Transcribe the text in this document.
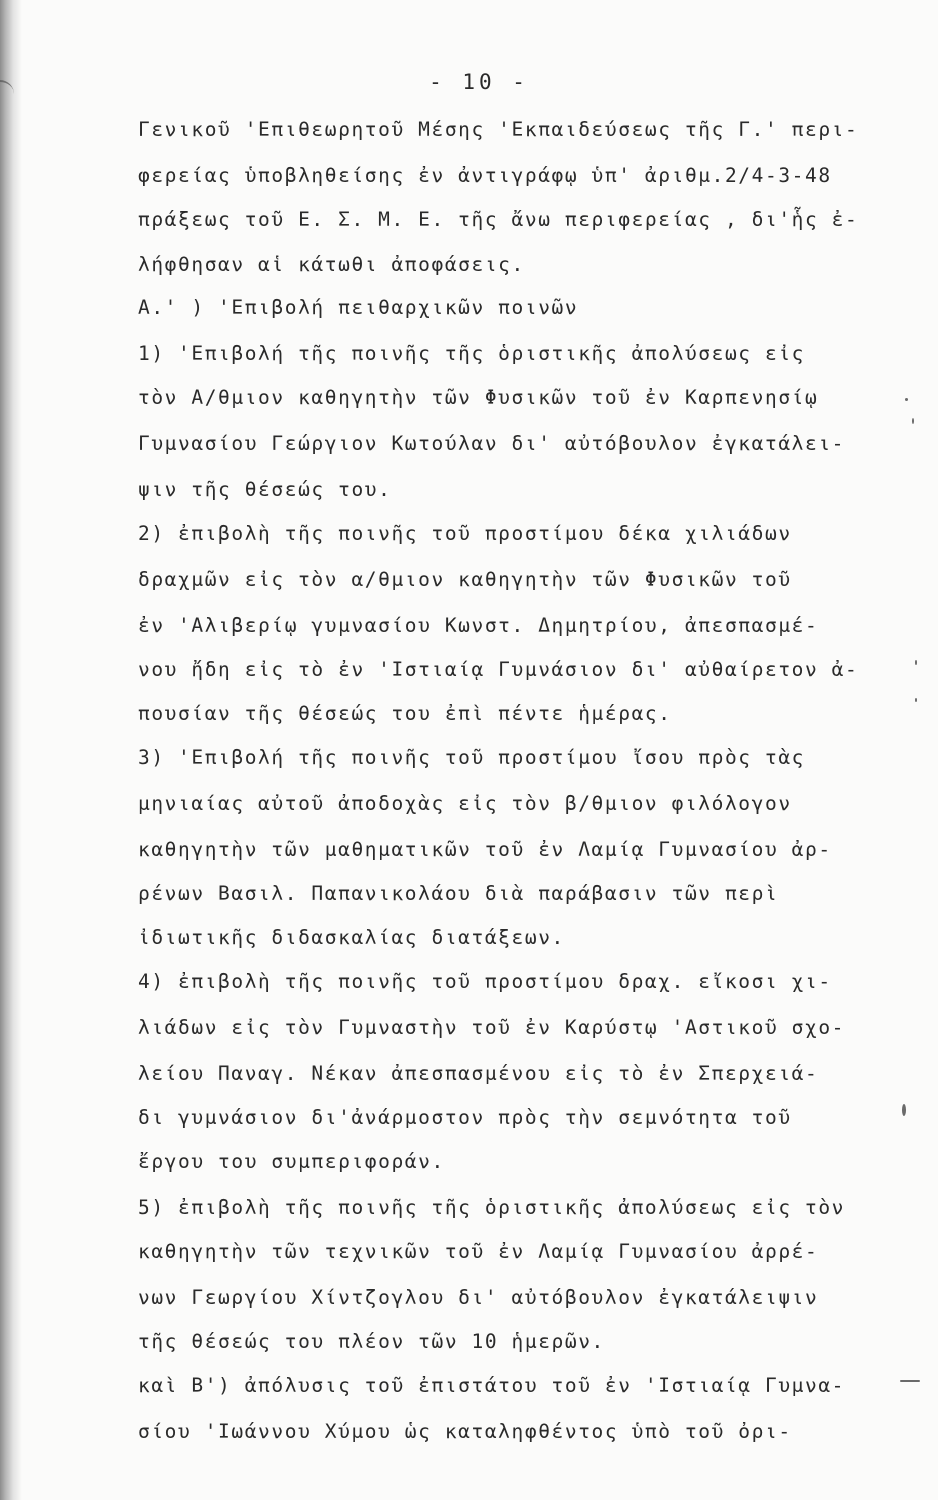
- 10 -
Γενικοῦ 'Επιθεωρητοῦ Μέσης 'Εκπαιδεύσεως τῆς Γ.' περι-
φερείας ὑποβληθείσης ἐν ἀντιγράφῳ ὑπ' ἀριθμ.2/4-3-48
πράξεως τοῦ Ε. Σ. Μ. Ε. τῆς ἄνω περιφερείας , δι'ἧς ἐ-
λήφθησαν αἱ κάτωθι ἀποφάσεις.
Α.' ) 'Επιβολή πειθαρχικῶν ποινῶν
1) 'Επιβολή τῆς ποινῆς τῆς ὁριστικῆς ἀπολύσεως εἰς
τὸν Α/θμιον καθηγητὴν τῶν Φυσικῶν τοῦ ἐν Καρπενησίῳ
Γυμνασίου Γεώργιον Κωτούλαν δι' αὐτόβουλον ἐγκατάλει-
ψιν τῆς θέσεώς του.
2) ἐπιβολὴ τῆς ποινῆς τοῦ προστίμου δέκα χιλιάδων
δραχμῶν εἰς τὸν α/θμιον καθηγητὴν τῶν Φυσικῶν τοῦ
ἐν 'Αλιβερίῳ γυμνασίου Κωνστ. Δημητρίου, ἀπεσπασμέ-
νου ἤδη εἰς τὸ ἐν 'Ιστιαίᾳ Γυμνάσιον δι' αὐθαίρετον ἀ-
πουσίαν τῆς θέσεώς του ἐπὶ πέντε ἡμέρας.
3) 'Επιβολή τῆς ποινῆς τοῦ προστίμου ἴσου πρὸς τὰς
μηνιαίας αὐτοῦ ἀποδοχὰς εἰς τὸν β/θμιον φιλόλογον
καθηγητὴν τῶν μαθηματικῶν τοῦ ἐν Λαμίᾳ Γυμνασίου ἀρ-
ρένων Βασιλ. Παπανικολάου διὰ παράβασιν τῶν περὶ
ἰδιωτικῆς διδασκαλίας διατάξεων.
4) ἐπιβολὴ τῆς ποινῆς τοῦ προστίμου δραχ. εἴκοσι χι-
λιάδων εἰς τὸν Γυμναστὴν τοῦ ἐν Καρύστῳ 'Αστικοῦ σχο-
λείου Παναγ. Νέκαν ἀπεσπασμένου εἰς τὸ ἐν Σπερχειά-
δι γυμνάσιον δι'ἀνάρμοστον πρὸς τὴν σεμνότητα τοῦ
ἔργου του συμπεριφοράν.
5) ἐπιβολὴ τῆς ποινῆς τῆς ὁριστικῆς ἀπολύσεως εἰς τὸν
καθηγητὴν τῶν τεχνικῶν τοῦ ἐν Λαμίᾳ Γυμνασίου ἀρρέ-
νων Γεωργίου Χίντζογλου δι' αὐτόβουλον ἐγκατάλειψιν
τῆς θέσεώς του πλέον τῶν 10 ἡμερῶν.
καὶ Β') ἀπόλυσις τοῦ ἐπιστάτου τοῦ ἐν 'Ιστιαίᾳ Γυμνα-
σίου 'Ιωάννου Χύμου ὡς καταληφθέντος ὑπὸ τοῦ ὀρι-
